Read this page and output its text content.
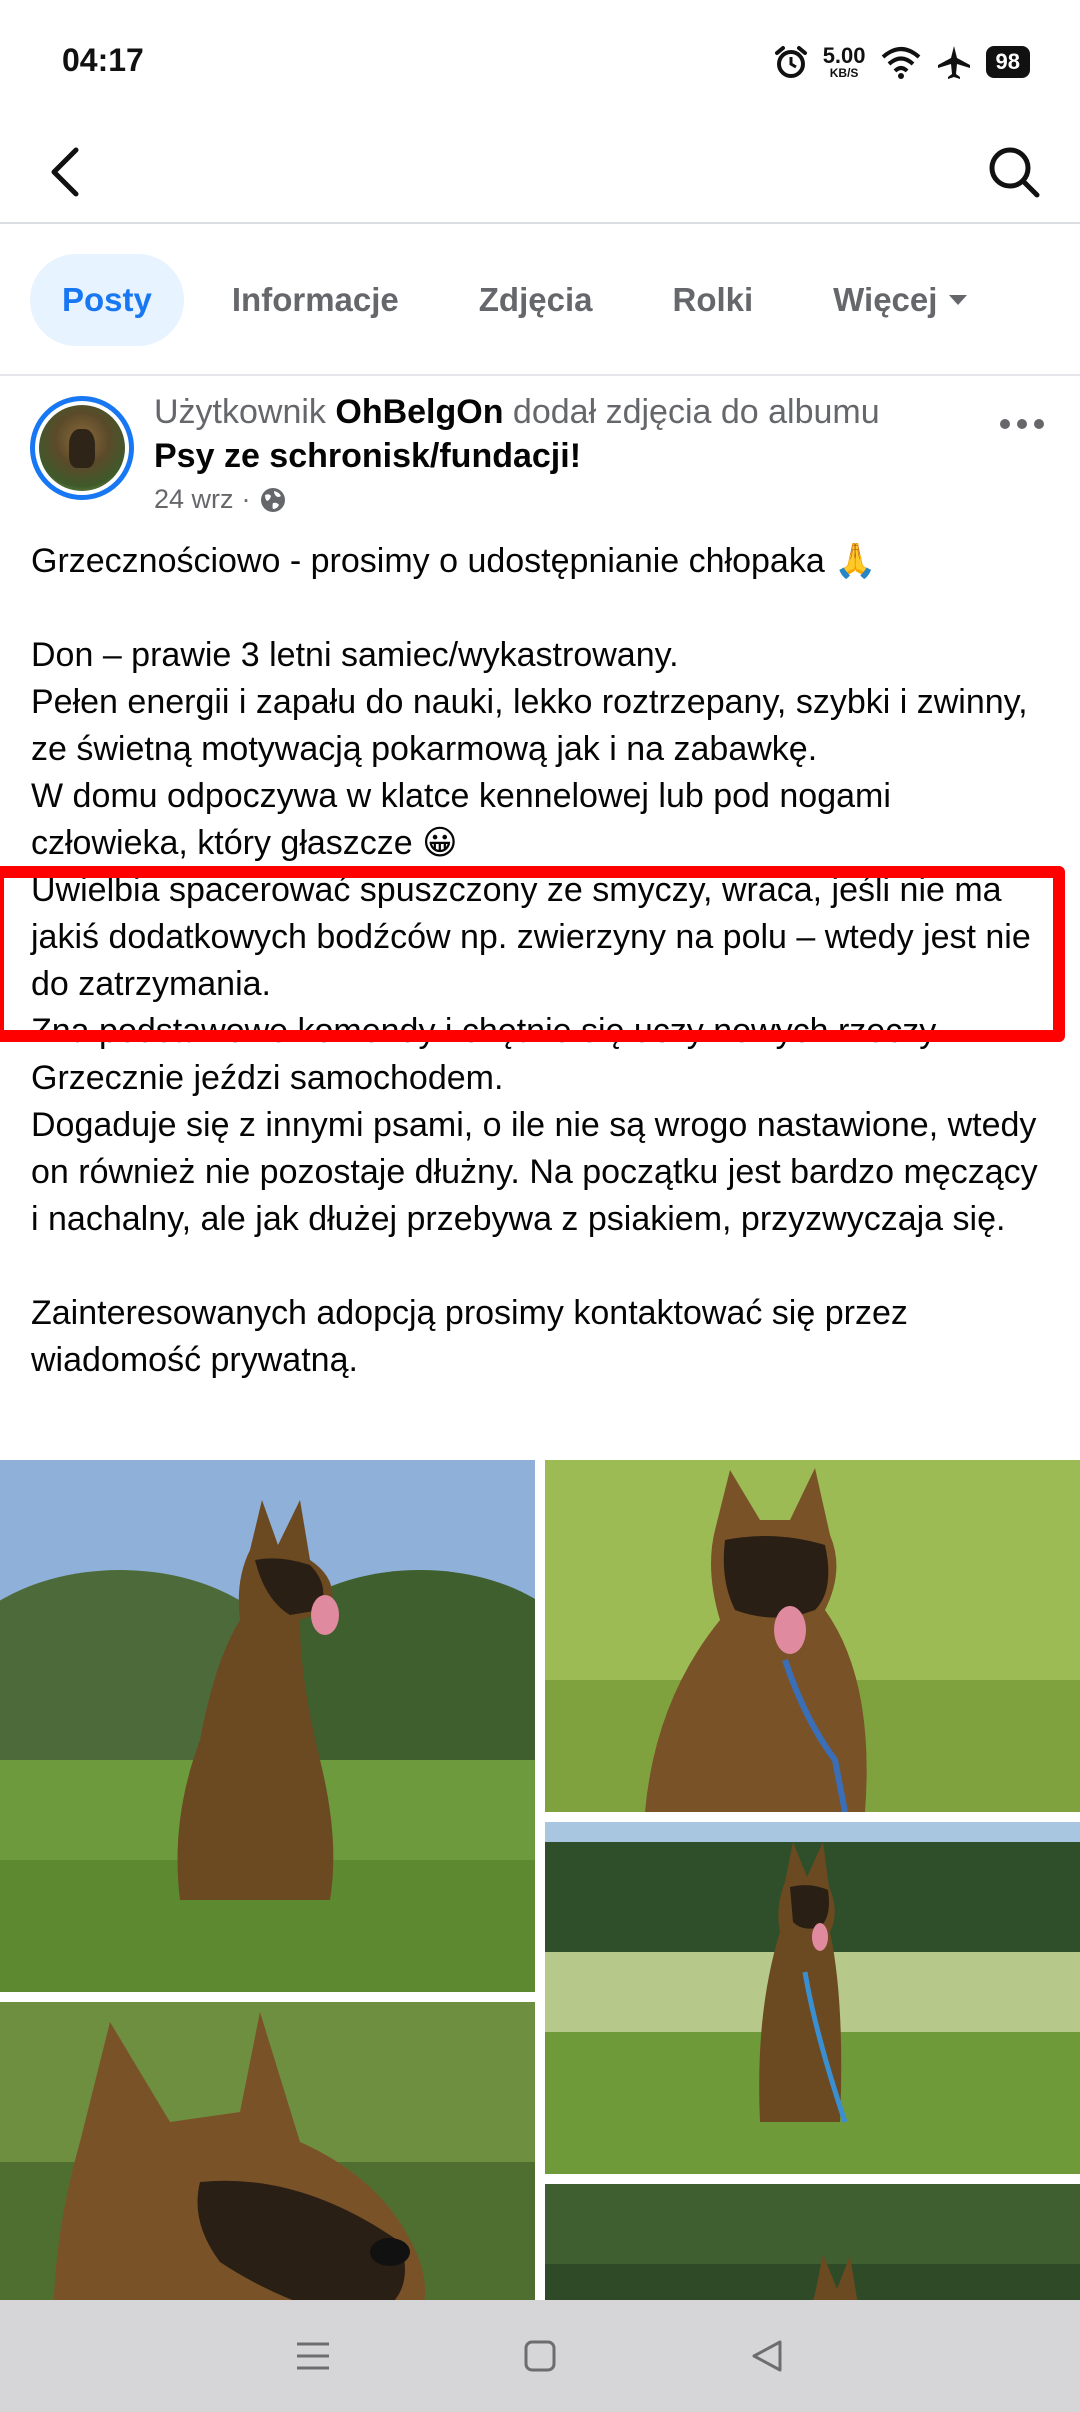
04:17	5.00
KB/S	98
Posty	Informacje	Zdjęcia	Rolki	Więcej
Użytkownik OhBelgOn dodał zdjęcia do albumu
Psy ze schronisk/fundacji!
24 wrz ·

Grzecznościowo - prosimy o udostępnianie chłopaka 🙏

Don – prawie 3 letni samiec/wykastrowany.

Pełen energii i zapału do nauki, lekko roztrzepany, szybki i zwinny, ze świetną motywacją pokarmową jak i na zabawkę.

W domu odpoczywa w klatce kennelowej lub pod nogami człowieka, który głaszcze 😀

Uwielbia spacerować spuszczony ze smyczy, wraca, jeśli nie ma jakiś dodatkowych bodźców np. zwierzyny na polu – wtedy jest nie do zatrzymania.

Zna podstawowe komendy i chętnie się uczy nowych rzeczy.

Grzecznie jeździ samochodem.

Dogaduje się z innymi psami, o ile nie są wrogo nastawione, wtedy on również nie pozostaje dłużny. Na początku jest bardzo męczący i nachalny, ale jak dłużej przebywa z psiakiem, przyzwyczaja się.

Zainteresowanych adopcją prosimy kontaktować się przez wiadomość prywatną.
